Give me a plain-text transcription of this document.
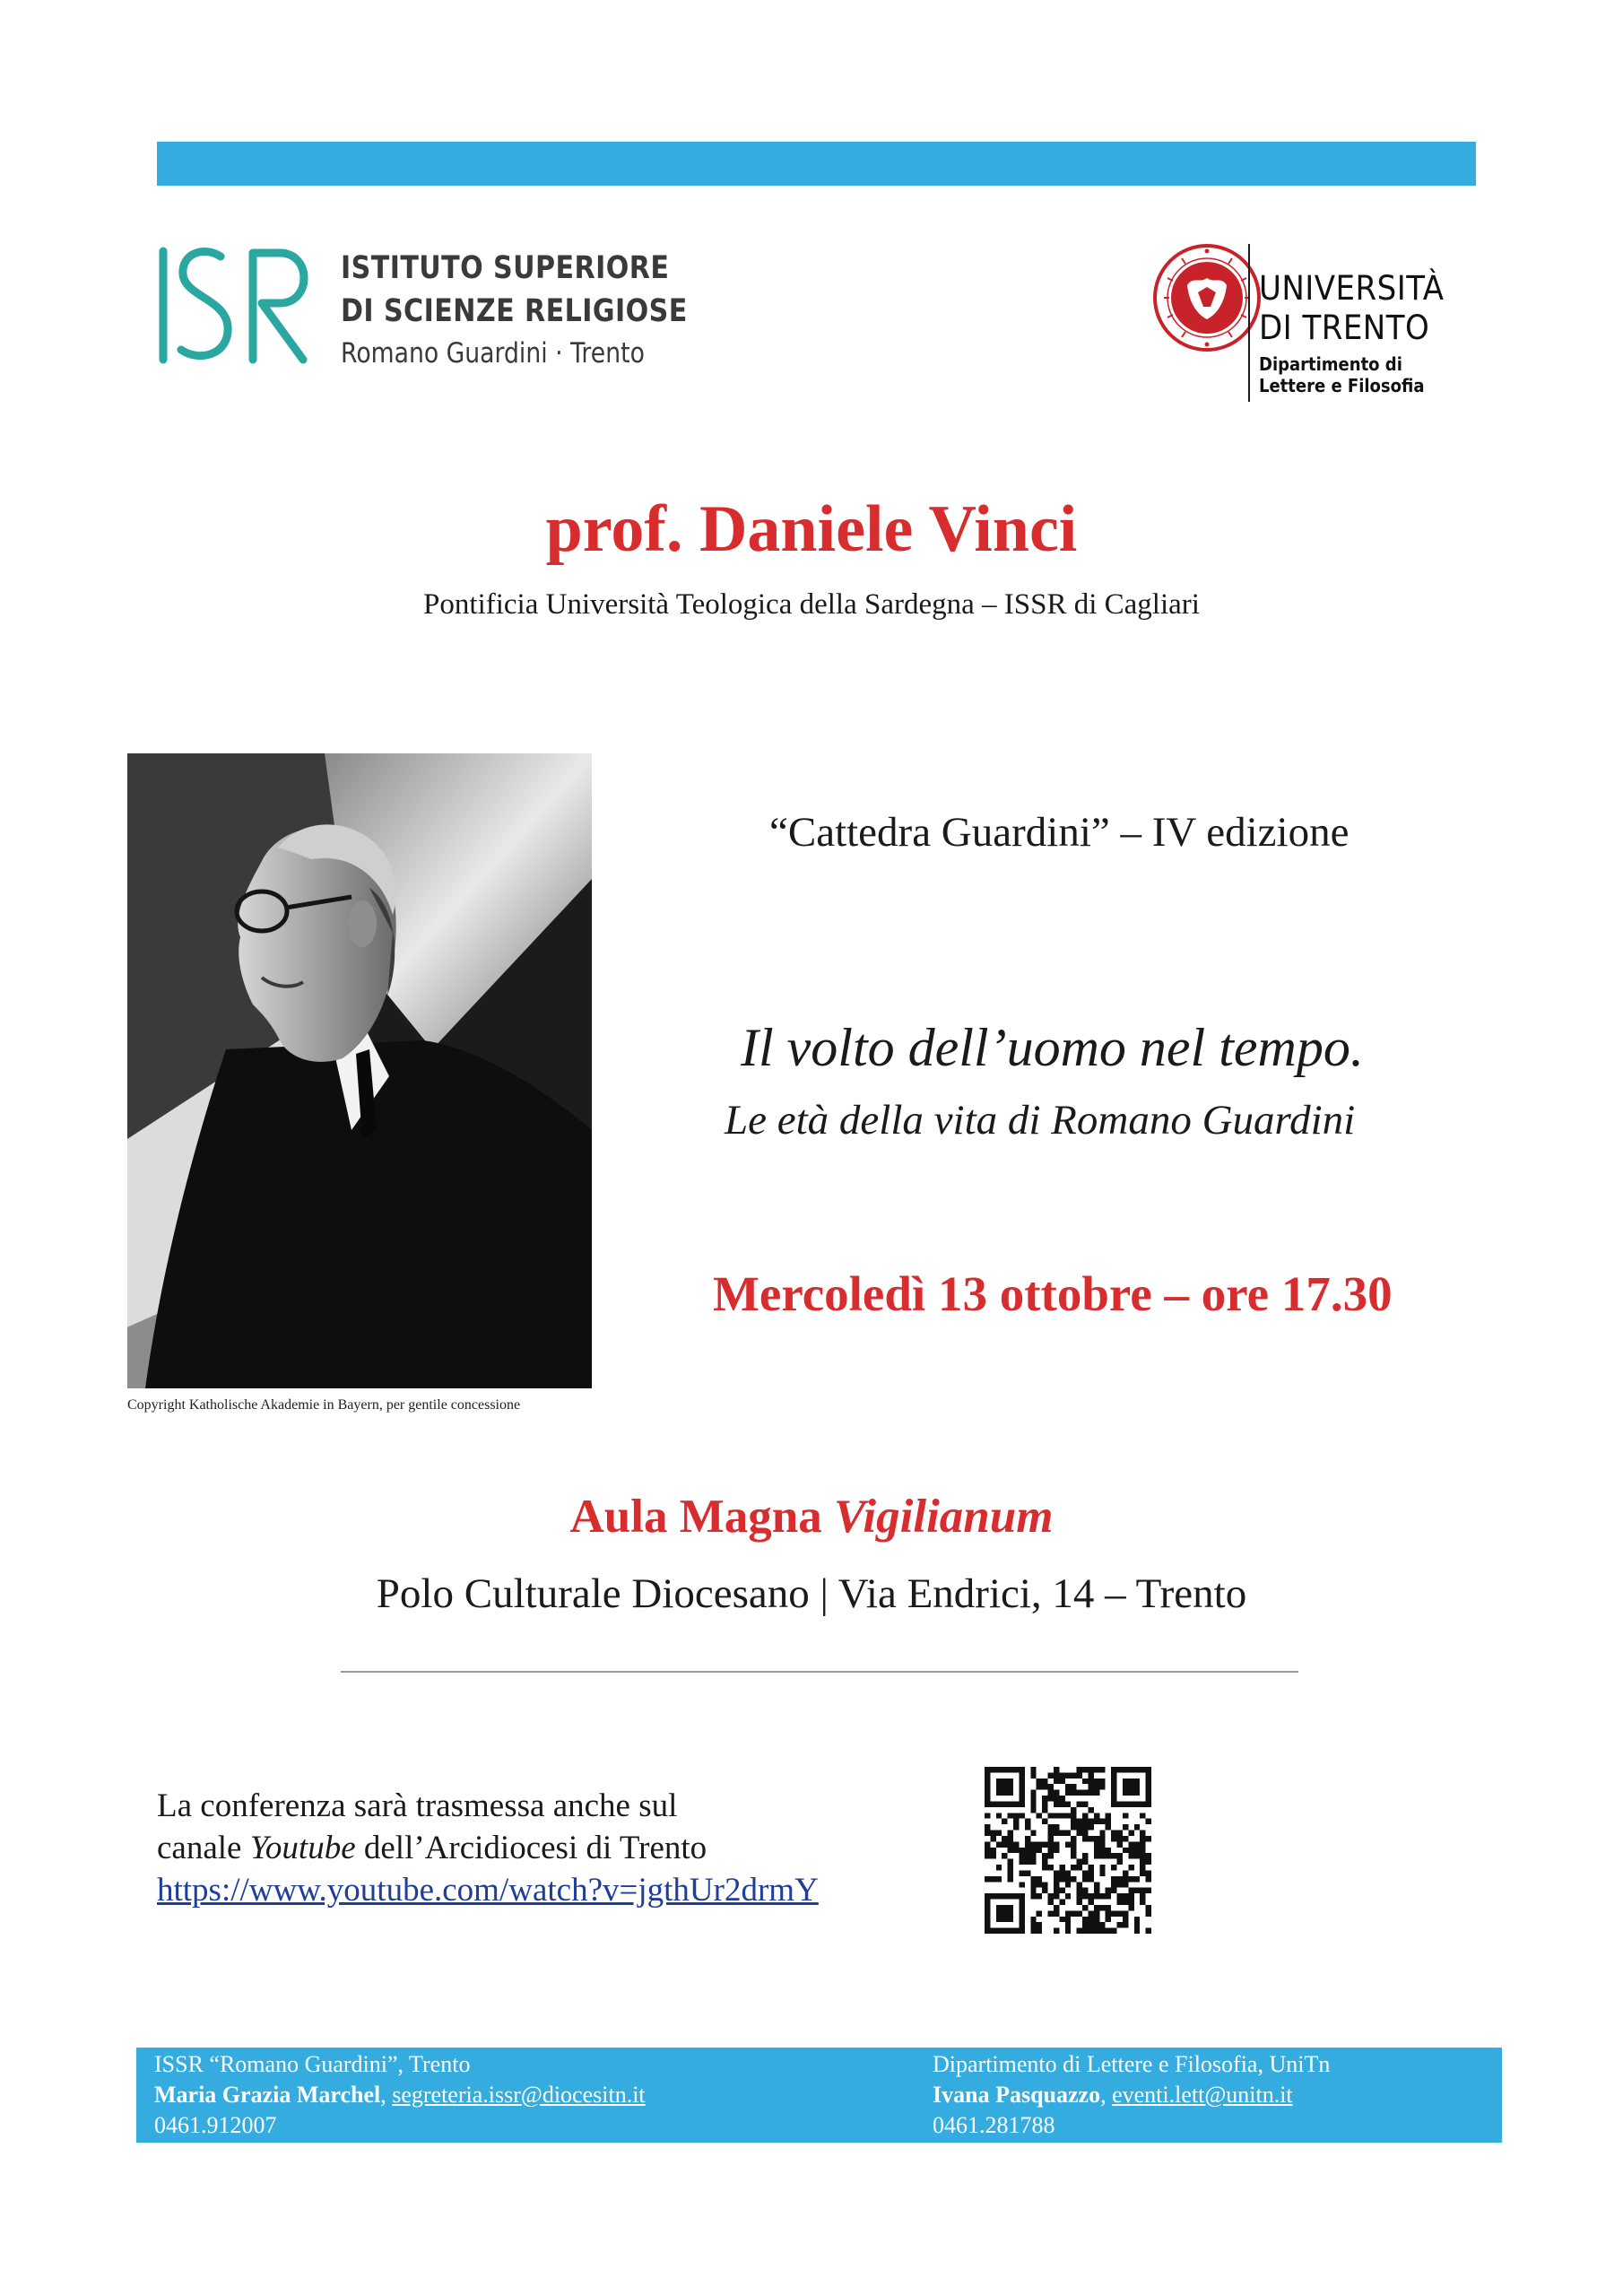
ISTITUTO SUPERIORE
DI SCIENZE RELIGIOSE
Romano Guardini · Trento
UNIVERSITÀ
DI TRENTO
Dipartimento di
Lettere e Filosofia
prof. Daniele Vinci
Pontificia Università Teologica della Sardegna – ISSR di Cagliari
Copyright Katholische Akademie in Bayern, per gentile concessione
“Cattedra Guardini” – IV edizione
Il volto dell’uomo nel tempo.
Le età della vita di Romano Guardini
Mercoledì 13 ottobre – ore 17.30
Aula Magna Vigilianum
Polo Culturale Diocesano | Via Endrici, 14 – Trento
La conferenza sarà trasmessa anche sul
canale Youtube dell’Arcidiocesi di Trento
https://www.youtube.com/watch?v=jgthUr2drmY
ISSR “Romano Guardini”, Trento
Maria Grazia Marchel, segreteria.issr@diocesitn.it
0461.912007
Dipartimento di Lettere e Filosofia, UniTn
Ivana Pasquazzo, eventi.lett@unitn.it
0461.281788
